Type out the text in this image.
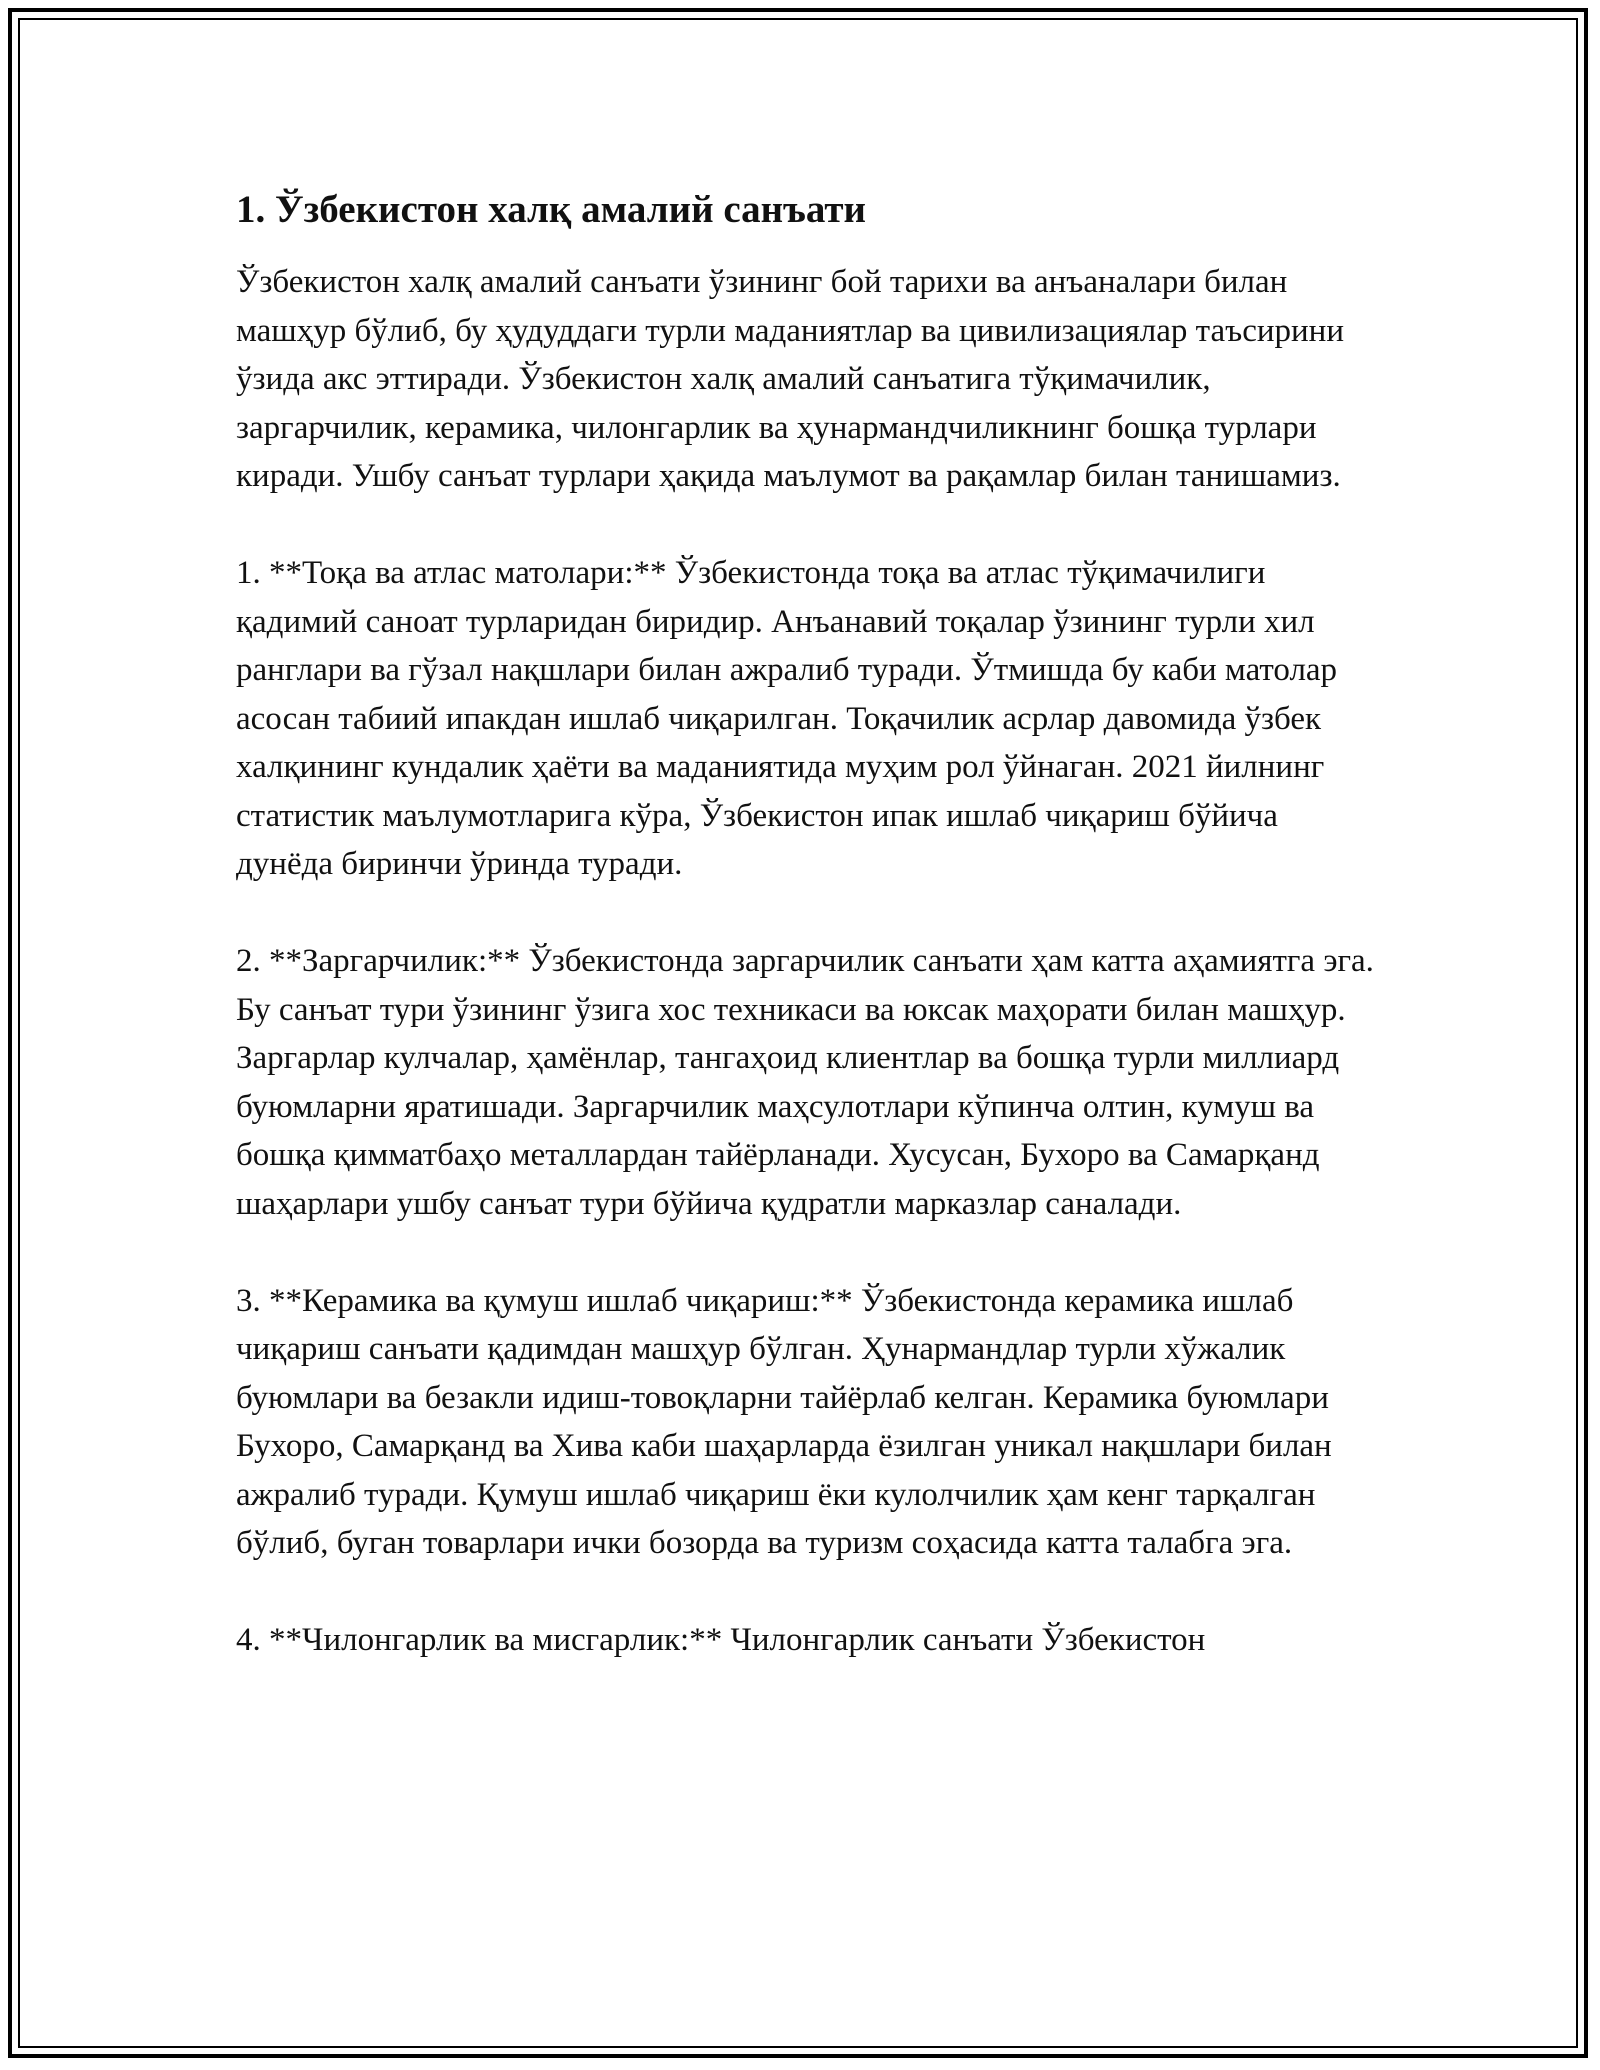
1. Ўзбекистон халқ амалий санъати

Ўзбекистон халқ амалий санъати ўзининг бой тарихи ва анъаналари билан машҳур бўлиб, бу ҳудуддаги турли маданиятлар ва цивилизациялар таъсирини ўзида акс эттиради. Ўзбекистон халқ амалий санъатига тўқимачилик, заргарчилик, керамика, чилонгарлик ва ҳунармандчиликнинг бошқа турлари киради. Ушбу санъат турлари ҳақида маълумот ва рақамлар билан танишамиз.

1. **Тоқа ва атлас матолари:** Ўзбекистонда тоқа ва атлас тўқимачилиги қадимий саноат турларидан биридир. Анъанавий тоқалар ўзининг турли хил ранглари ва гўзал нақшлари билан ажралиб туради. Ўтмишда бу каби матолар асосан табиий ипакдан ишлаб чиқарилган. Тоқачилик асрлар давомида ўзбек халқининг кундалик ҳаёти ва маданиятида муҳим рол ўйнаган. 2021 йилнинг статистик маълумотларига кўра, Ўзбекистон ипак ишлаб чиқариш бўйича дунёда биринчи ўринда туради.

2. **Заргарчилик:** Ўзбекистонда заргарчилик санъати ҳам катта аҳамиятга эга. Бу санъат тури ўзининг ўзига хос техникаси ва юксак маҳорати билан машҳур. Заргарлар кулчалар, ҳамёнлар, тангаҳоид клиентлар ва бошқа турли миллиард буюмларни яратишади. Заргарчилик маҳсулотлари кўпинча олтин, кумуш ва бошқа қимматбаҳо металлардан тайёрланади. Хусусан, Бухоро ва Самарқанд шаҳарлари ушбу санъат тури бўйича қудратли марказлар саналади.

3. **Керамика ва қумуш ишлаб чиқариш:** Ўзбекистонда керамика ишлаб чиқариш санъати қадимдан машҳур бўлган. Ҳунармандлар турли хўжалик буюмлари ва безакли идиш-товоқларни тайёрлаб келган. Керамика буюмлари Бухоро, Самарқанд ва Хива каби шаҳарларда ёзилган уникал нақшлари билан ажралиб туради. Қумуш ишлаб чиқариш ёки кулолчилик ҳам кенг тарқалган бўлиб, буган товарлари ички бозорда ва туризм соҳасида катта талабга эга.

4. **Чилонгарлик ва мисгарлик:** Чилонгарлик санъати Ўзбекистон
